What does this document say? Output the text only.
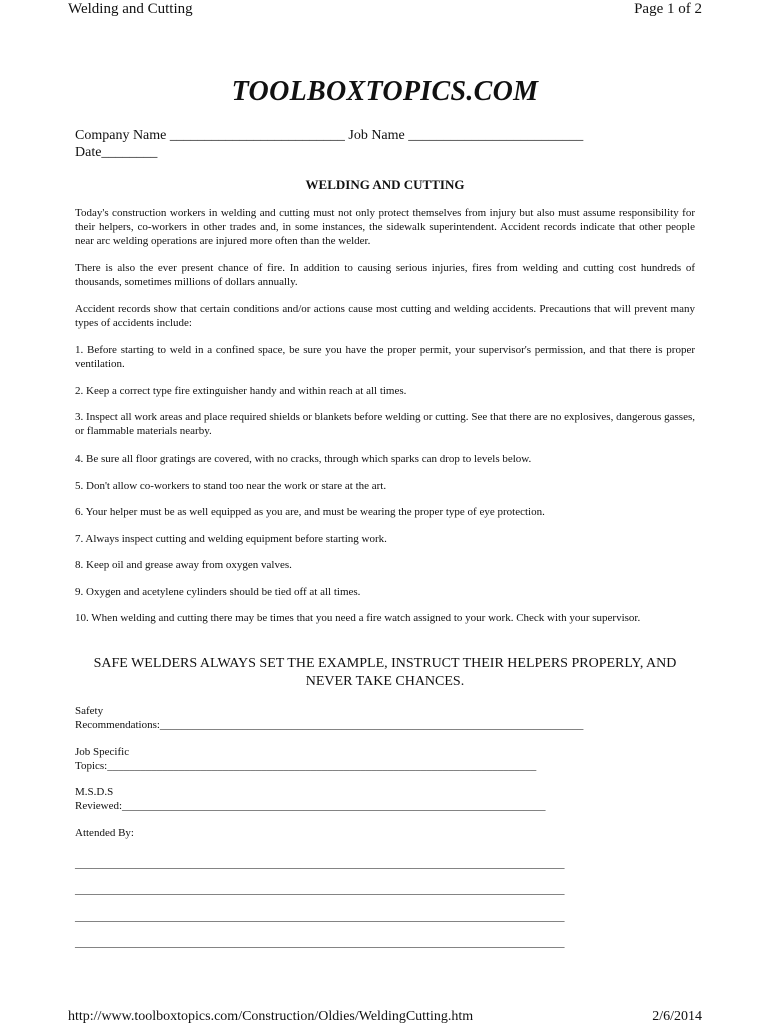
Welding and Cutting	Page 1 of 2
TOOLBOXTOPICS.COM
Company Name _________________________ Job Name _________________________
Date________
WELDING AND CUTTING

Today's construction workers in welding and cutting must not only protect themselves from injury but also must assume responsibility for their helpers, co-workers in other trades and, in some instances, the sidewalk superintendent. Accident records indicate that other people near arc welding operations are injured more often than the welder.

There is also the ever present chance of fire. In addition to causing serious injuries, fires from welding and cutting cost hundreds of thousands, sometimes millions of dollars annually.

Accident records show that certain conditions and/or actions cause most cutting and welding accidents. Precautions that will prevent many types of accidents include:

1. Before starting to weld in a confined space, be sure you have the proper permit, your supervisor's permission, and that there is proper ventilation.

2. Keep a correct type fire extinguisher handy and within reach at all times.

3. Inspect all work areas and place required shields or blankets before welding or cutting. See that there are no explosives, dangerous gasses, or flammable materials nearby.

4. Be sure all floor gratings are covered, with no cracks, through which sparks can drop to levels below.

5. Don't allow co-workers to stand too near the work or stare at the art.

6. Your helper must be as well equipped as you are, and must be wearing the proper type of eye protection.

7. Always inspect cutting and welding equipment before starting work.

8. Keep oil and grease away from oxygen valves.

9. Oxygen and acetylene cylinders should be tied off at all times.

10. When welding and cutting there may be times that you need a fire watch assigned to your work. Check with your supervisor.

SAFE WELDERS ALWAYS SET THE EXAMPLE, INSTRUCT THEIR HELPERS PROPERLY, AND NEVER TAKE CHANCES.
Safety
Recommendations:_____________________________________________________________________________
Job Specific
Topics:______________________________________________________________________________
M.S.D.S
Reviewed:_____________________________________________________________________________
Attended By:
_________________________________________________________________________________________
_________________________________________________________________________________________
_________________________________________________________________________________________
_________________________________________________________________________________________
http://www.toolboxtopics.com/Construction/Oldies/WeldingCutting.htm	2/6/2014
